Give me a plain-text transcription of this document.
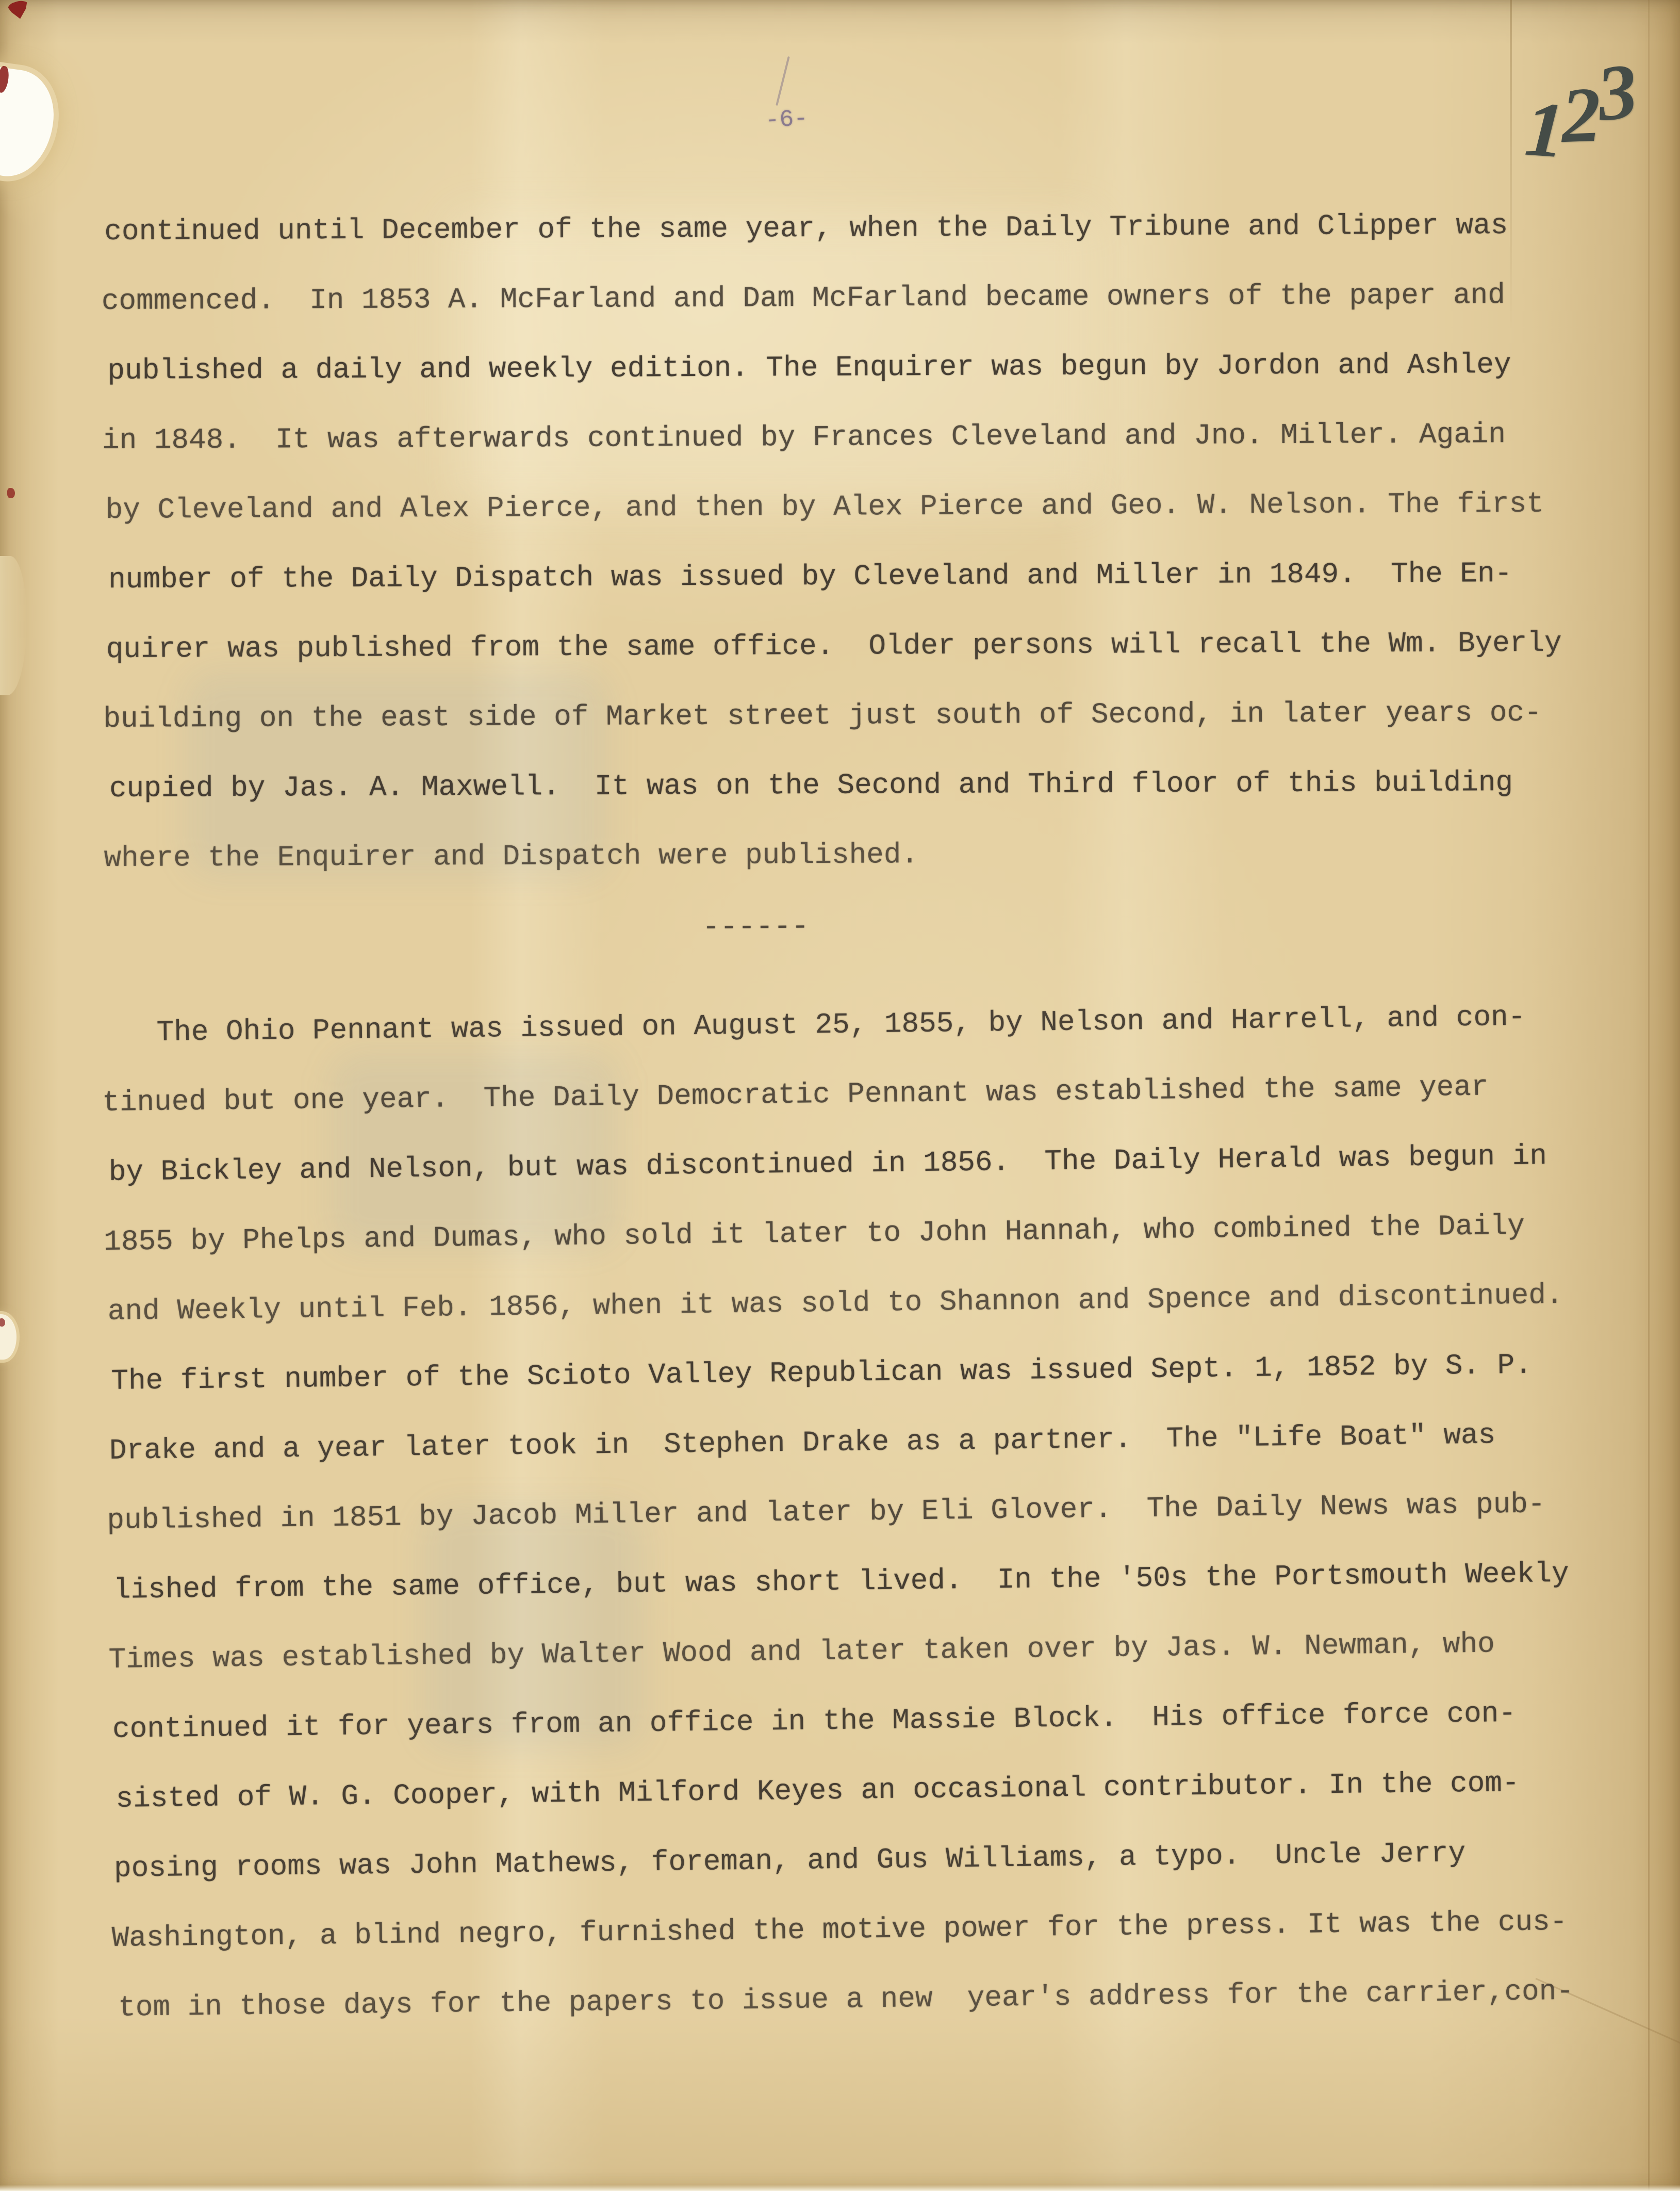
-6-	123
continued until December of the same year, when the Daily Tribune and Clipper was
commenced.  In 1853 A. McFarland and Dam McFarland became owners of the paper and
published a daily and weekly edition. The Enquirer was begun by Jordon and Ashley
in 1848.  It was afterwards continued by Frances Cleveland and Jno. Miller. Again
by Cleveland and Alex Pierce, and then by Alex Pierce and Geo. W. Nelson. The first
number of the Daily Dispatch was issued by Cleveland and Miller in 1849.  The En-
quirer was published from the same office.  Older persons will recall the Wm. Byerly
building on the east side of Market street just south of Second, in later years oc-
cupied by Jas. A. Maxwell.  It was on the Second and Third floor of this building
where the Enquirer and Dispatch were published.
------
The Ohio Pennant was issued on August 25, 1855, by Nelson and Harrell, and con-
tinued but one year.  The Daily Democratic Pennant was established the same year
by Bickley and Nelson, but was discontinued in 1856.  The Daily Herald was begun in
1855 by Phelps and Dumas, who sold it later to John Hannah, who combined the Daily
and Weekly until Feb. 1856, when it was sold to Shannon and Spence and discontinued.
The first number of the Scioto Valley Republican was issued Sept. 1, 1852 by S. P.
Drake and a year later took in  Stephen Drake as a partner.  The "Life Boat" was
published in 1851 by Jacob Miller and later by Eli Glover.  The Daily News was pub-
lished from the same office, but was short lived.  In the '50s the Portsmouth Weekly
Times was established by Walter Wood and later taken over by Jas. W. Newman, who
continued it for years from an office in the Massie Block.  His office force con-
sisted of W. G. Cooper, with Milford Keyes an occasional contributor. In the com-
posing rooms was John Mathews, foreman, and Gus Williams, a typo.  Uncle Jerry
Washington, a blind negro, furnished the motive power for the press. It was the cus-
tom in those days for the papers to issue a new  year's address for the carrier,con-
